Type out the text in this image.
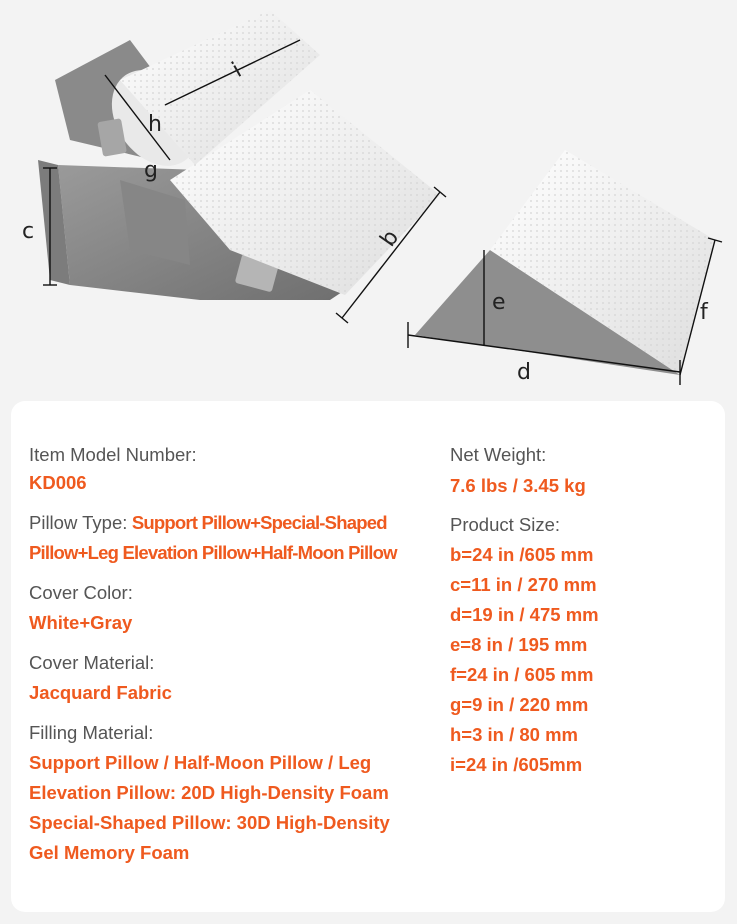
c	b
d
e	f
g
h
i
Item Model Number:
KD006
Pillow Type: Support Pillow+Special-Shaped
Pillow+Leg Elevation Pillow+Half-Moon Pillow
Cover Color:
White+Gray
Cover Material:
Jacquard Fabric
Filling Material:
Support Pillow / Half-Moon Pillow / Leg
Elevation Pillow: 20D High-Density Foam
Special-Shaped Pillow: 30D High-Density
Gel Memory Foam
Net Weight:
7.6 lbs / 3.45 kg
Product Size:
b=24 in /605 mm
c=11 in / 270 mm
d=19 in / 475 mm
e=8 in / 195 mm
f=24 in / 605 mm
g=9 in / 220 mm
h=3 in / 80 mm
i=24 in /605mm
